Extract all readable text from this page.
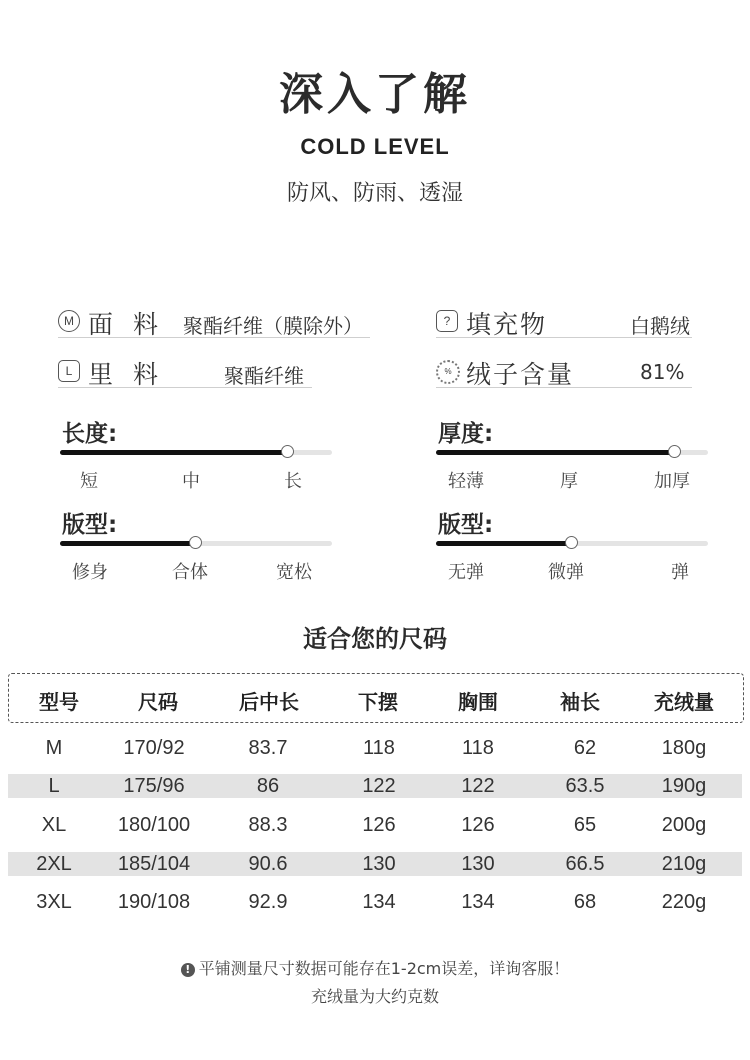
深入了解
COLD LEVEL
防风、防雨、透湿
M 面 料 聚酯纤维（膜除外）
L 里 料	聚酯纤维
? 填充物	白鹅绒
% 绒子含量	81%
长度:
短	中	长
厚度:
轻薄	厚	加厚
版型:
修身	合体	宽松
版型:
无弹	微弹	弹
适合您的尺码
型号	尺码	后中长	下摆	胸围	袖长	充绒量
M	170/92	83.7	118	118	62	180g
L	175/96	86	122	122	63.5	190g
XL	180/100	88.3	126	126	65	200g
2XL	185/104	90.6	130	130	66.5	210g
3XL	190/108	92.9	134	134	68	220g
! 平铺测量尺寸数据可能存在1-2cm误差，详询客服！
充绒量为大约克数
